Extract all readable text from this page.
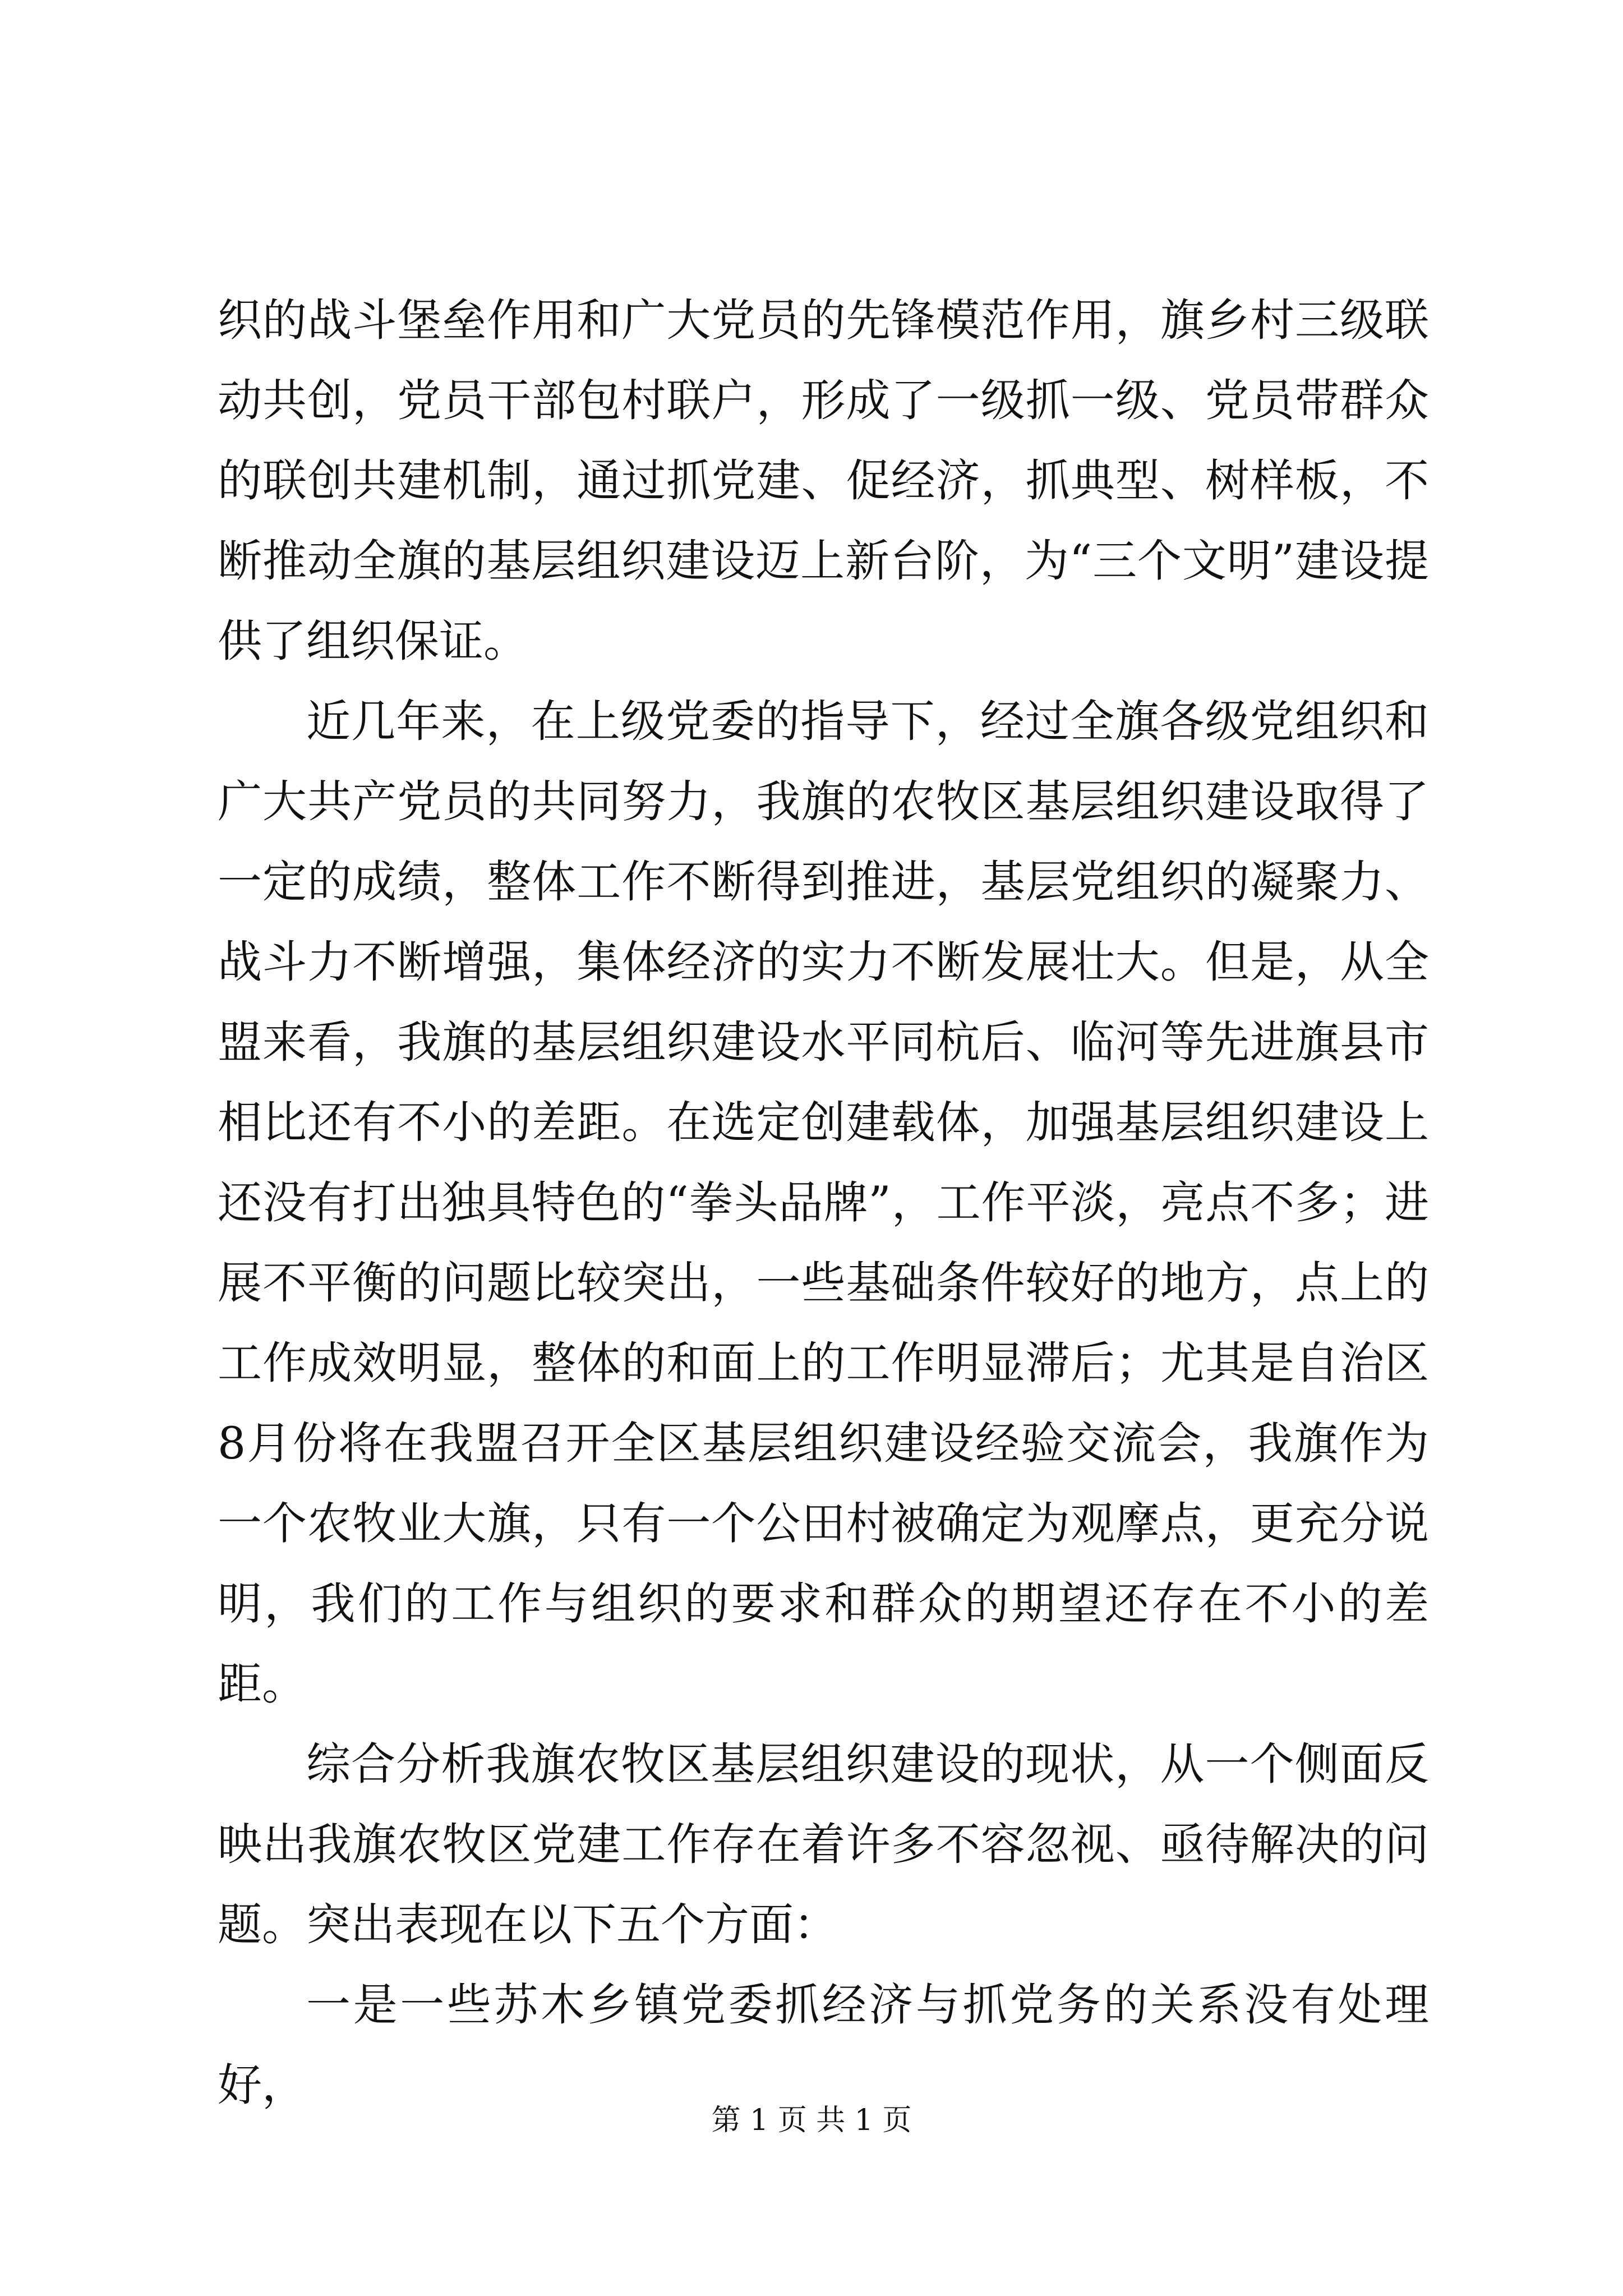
织的战斗堡垒作用和广大党员的先锋模范作用，旗乡村三级联动共创，党员干部包村联户，形成了一级抓一级、党员带群众的联创共建机制，通过抓党建、促经济，抓典型、树样板，不断推动全旗的基层组织建设迈上新台阶，为“三个文明”建设提供了组织保证。

近几年来，在上级党委的指导下，经过全旗各级党组织和广大共产党员的共同努力，我旗的农牧区基层组织建设取得了一定的成绩，整体工作不断得到推进，基层党组织的凝聚力、战斗力不断增强，集体经济的实力不断发展壮大。但是，从全盟来看，我旗的基层组织建设水平同杭后、临河等先进旗县市相比还有不小的差距。在选定创建载体，加强基层组织建设上还没有打出独具特色的“拳头品牌”，工作平淡，亮点不多；进展不平衡的问题比较突出，一些基础条件较好的地方，点上的工作成效明显，整体的和面上的工作明显滞后；尤其是自治区8月份将在我盟召开全区基层组织建设经验交流会，我旗作为一个农牧业大旗，只有一个公田村被确定为观摩点，更充分说明，我们的工作与组织的要求和群众的期望还存在不小的差距。

综合分析我旗农牧区基层组织建设的现状，从一个侧面反映出我旗农牧区党建工作存在着许多不容忽视、亟待解决的问题。突出表现在以下五个方面：

一是一些苏木乡镇党委抓经济与抓党务的关系没有处理好，

第 1 页 共 1 页
